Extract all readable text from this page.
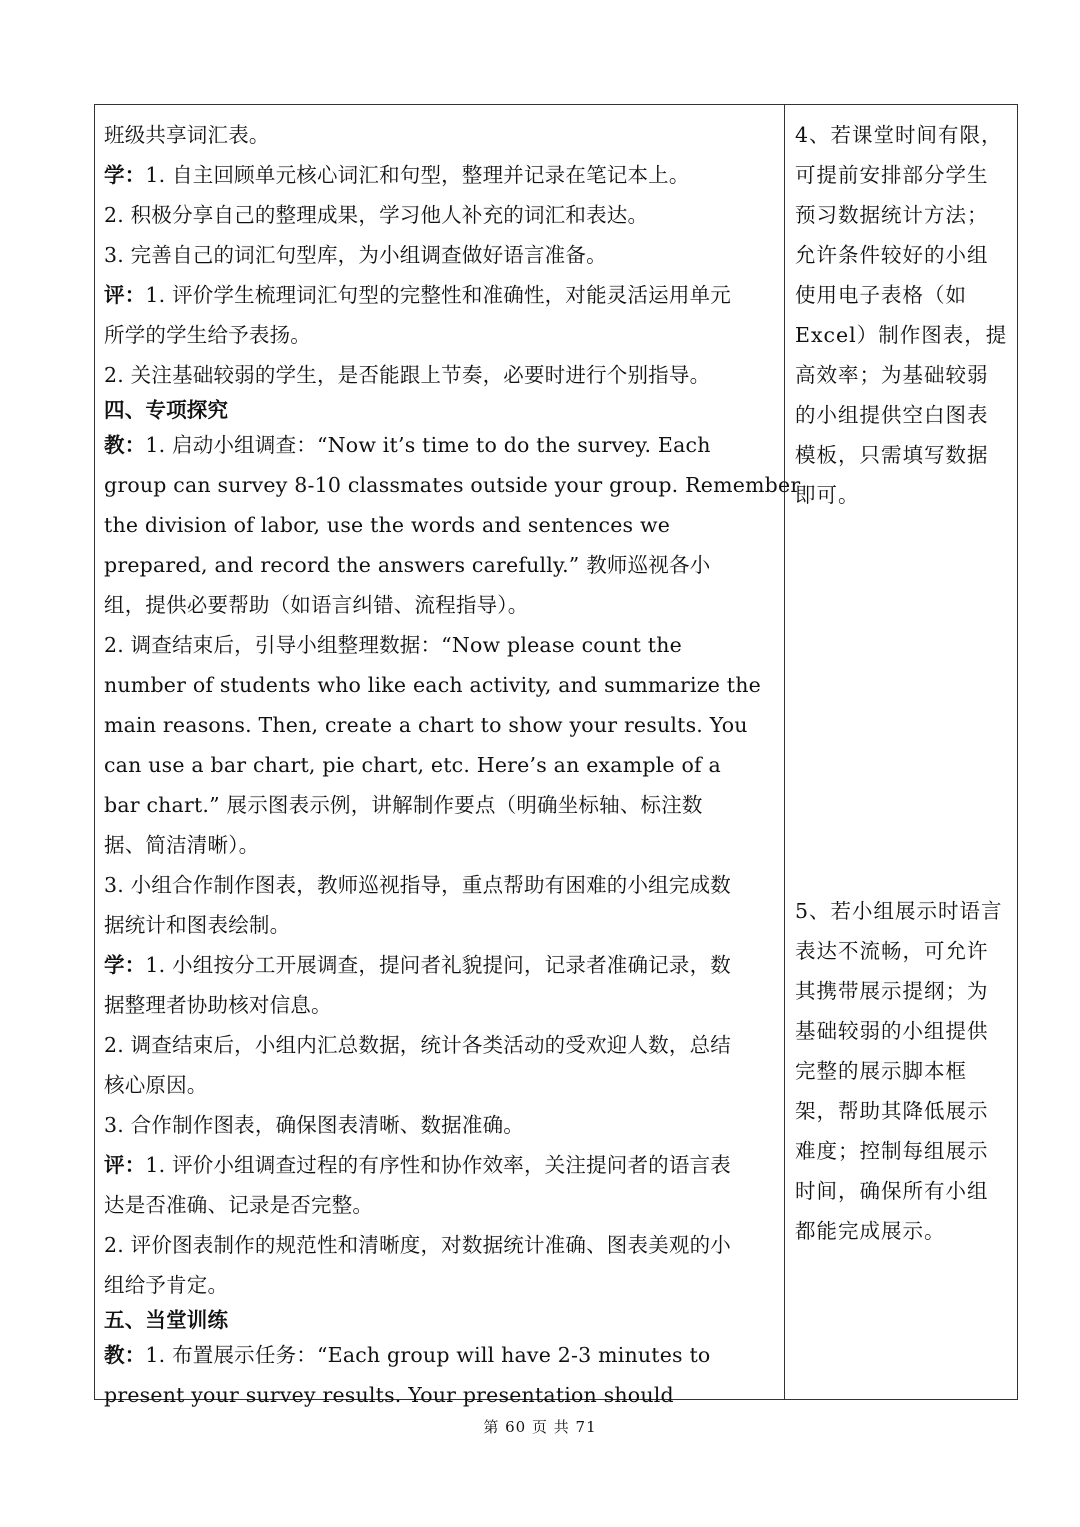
班级共享词汇表。
学：1. 自主回顾单元核心词汇和句型，整理并记录在笔记本上。
2. 积极分享自己的整理成果，学习他人补充的词汇和表达。
3. 完善自己的词汇句型库，为小组调查做好语言准备。
评：1. 评价学生梳理词汇句型的完整性和准确性，对能灵活运用单元
所学的学生给予表扬。
2. 关注基础较弱的学生，是否能跟上节奏，必要时进行个别指导。
四、专项探究
教：1. 启动小组调查：“Now it’s time to do the survey. Each
group can survey 8-10 classmates outside your group. Remember
the division of labor, use the words and sentences we
prepared, and record the answers carefully.” 教师巡视各小
组，提供必要帮助（如语言纠错、流程指导）。
2. 调查结束后，引导小组整理数据：“Now please count the
number of students who like each activity, and summarize the
main reasons. Then, create a chart to show your results. You
can use a bar chart, pie chart, etc. Here’s an example of a
bar chart.” 展示图表示例，讲解制作要点（明确坐标轴、标注数
据、简洁清晰）。
3. 小组合作制作图表，教师巡视指导，重点帮助有困难的小组完成数
据统计和图表绘制。
学：1. 小组按分工开展调查，提问者礼貌提问，记录者准确记录，数
据整理者协助核对信息。
2. 调查结束后，小组内汇总数据，统计各类活动的受欢迎人数，总结
核心原因。
3. 合作制作图表，确保图表清晰、数据准确。
评：1. 评价小组调查过程的有序性和协作效率，关注提问者的语言表
达是否准确、记录是否完整。
2. 评价图表制作的规范性和清晰度，对数据统计准确、图表美观的小
组给予肯定。
五、当堂训练
教：1. 布置展示任务：“Each group will have 2-3 minutes to
present your survey results. Your presentation should
4、若课堂时间有限，
可提前安排部分学生
预习数据统计方法；
允许条件较好的小组
使用电子表格（如
Excel）制作图表，提
高效率；为基础较弱
的小组提供空白图表
模板，只需填写数据
即可。
5、若小组展示时语言
表达不流畅，可允许
其携带展示提纲；为
基础较弱的小组提供
完整的展示脚本框
架，帮助其降低展示
难度；控制每组展示
时间，确保所有小组
都能完成展示。
第 60 页 共 71
